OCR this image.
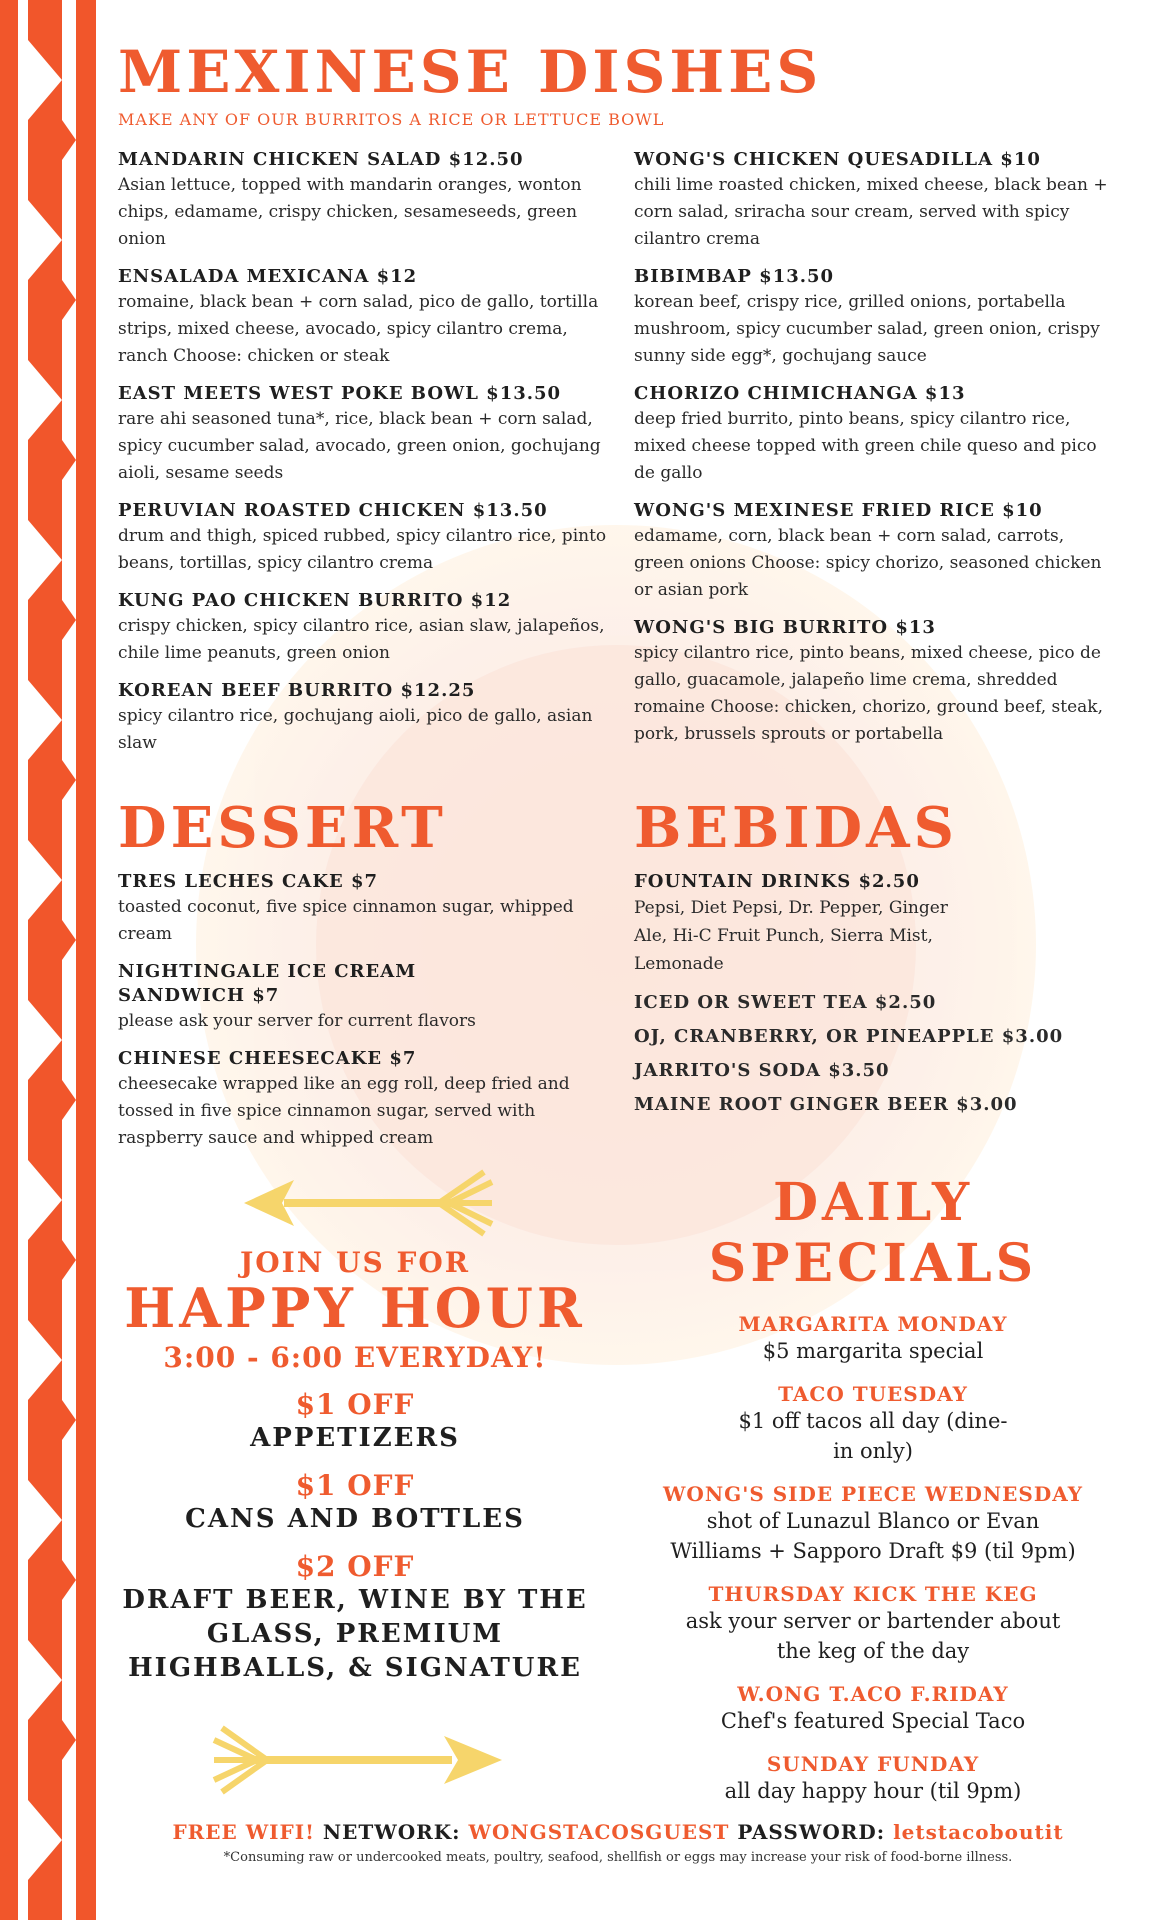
MEXINESE DISHES
MAKE ANY OF OUR BURRITOS A RICE OR LETTUCE BOWL
MANDARIN CHICKEN SALAD $12.50
Asian lettuce, topped with mandarin oranges, wonton chips, edamame, crispy chicken, sesameseeds, green onion
ENSALADA MEXICANA $12
romaine, black bean + corn salad, pico de gallo, tortilla strips, mixed cheese, avocado, spicy cilantro crema, ranch Choose: chicken or steak
EAST MEETS WEST POKE BOWL $13.50
rare ahi seasoned tuna*, rice, black bean + corn salad, spicy cucumber salad, avocado, green onion, gochujang aioli, sesame seeds
PERUVIAN ROASTED CHICKEN $13.50
drum and thigh, spiced rubbed, spicy cilantro rice, pinto beans, tortillas, spicy cilantro crema
KUNG PAO CHICKEN BURRITO $12
crispy chicken, spicy cilantro rice, asian slaw, jalapeños, chile lime peanuts, green onion
KOREAN BEEF BURRITO $12.25
spicy cilantro rice, gochujang aioli, pico de gallo, asian slaw
WONG'S CHICKEN QUESADILLA $10
chili lime roasted chicken, mixed cheese, black bean + corn salad, sriracha sour cream, served with spicy cilantro crema
BIBIMBAP $13.50
korean beef, crispy rice, grilled onions, portabella mushroom, spicy cucumber salad, green onion, crispy sunny side egg*, gochujang sauce
CHORIZO CHIMICHANGA $13
deep fried burrito, pinto beans, spicy cilantro rice, mixed cheese topped with green chile queso and pico de gallo
WONG'S MEXINESE FRIED RICE $10
edamame, corn, black bean + corn salad, carrots, green onions Choose: spicy chorizo, seasoned chicken or asian pork
WONG'S BIG BURRITO $13
spicy cilantro rice, pinto beans, mixed cheese, pico de gallo, guacamole, jalapeño lime crema, shredded romaine Choose: chicken, chorizo, ground beef, steak, pork, brussels sprouts or portabella
DESSERT
TRES LECHES CAKE $7
toasted coconut, five spice cinnamon sugar, whipped cream
NIGHTINGALE ICE CREAM SANDWICH $7
please ask your server for current flavors
CHINESE CHEESECAKE $7
cheesecake wrapped like an egg roll, deep fried and tossed in five spice cinnamon sugar, served with raspberry sauce and whipped cream
BEBIDAS
FOUNTAIN DRINKS $2.50
Pepsi, Diet Pepsi, Dr. Pepper, Ginger Ale, Hi-C Fruit Punch, Sierra Mist, Lemonade
ICED OR SWEET TEA $2.50
OJ, CRANBERRY, OR PINEAPPLE $3.00
JARRITO'S SODA $3.50
MAINE ROOT GINGER BEER $3.00
JOIN US FOR
HAPPY HOUR
3:00 - 6:00 EVERYDAY!
$1 OFF
APPETIZERS
$1 OFF
CANS AND BOTTLES
$2 OFF
DRAFT BEER, WINE BY THE GLASS, PREMIUM HIGHBALLS, & SIGNATURE
DAILY SPECIALS
MARGARITA MONDAY
$5 margarita special
TACO TUESDAY
$1 off tacos all day (dine-in only)
WONG'S SIDE PIECE WEDNESDAY
shot of Lunazul Blanco or Evan Williams + Sapporo Draft $9 (til 9pm)
THURSDAY KICK THE KEG
ask your server or bartender about the keg of the day
W.ONG T.ACO F.RIDAY
Chef's featured Special Taco
SUNDAY FUNDAY
all day happy hour (til 9pm)
FREE WIFI! NETWORK: WONGSTACOSGUEST PASSWORD: letstacoboutit
*Consuming raw or undercooked meats, poultry, seafood, shellfish or eggs may increase your risk of food-borne illness.
